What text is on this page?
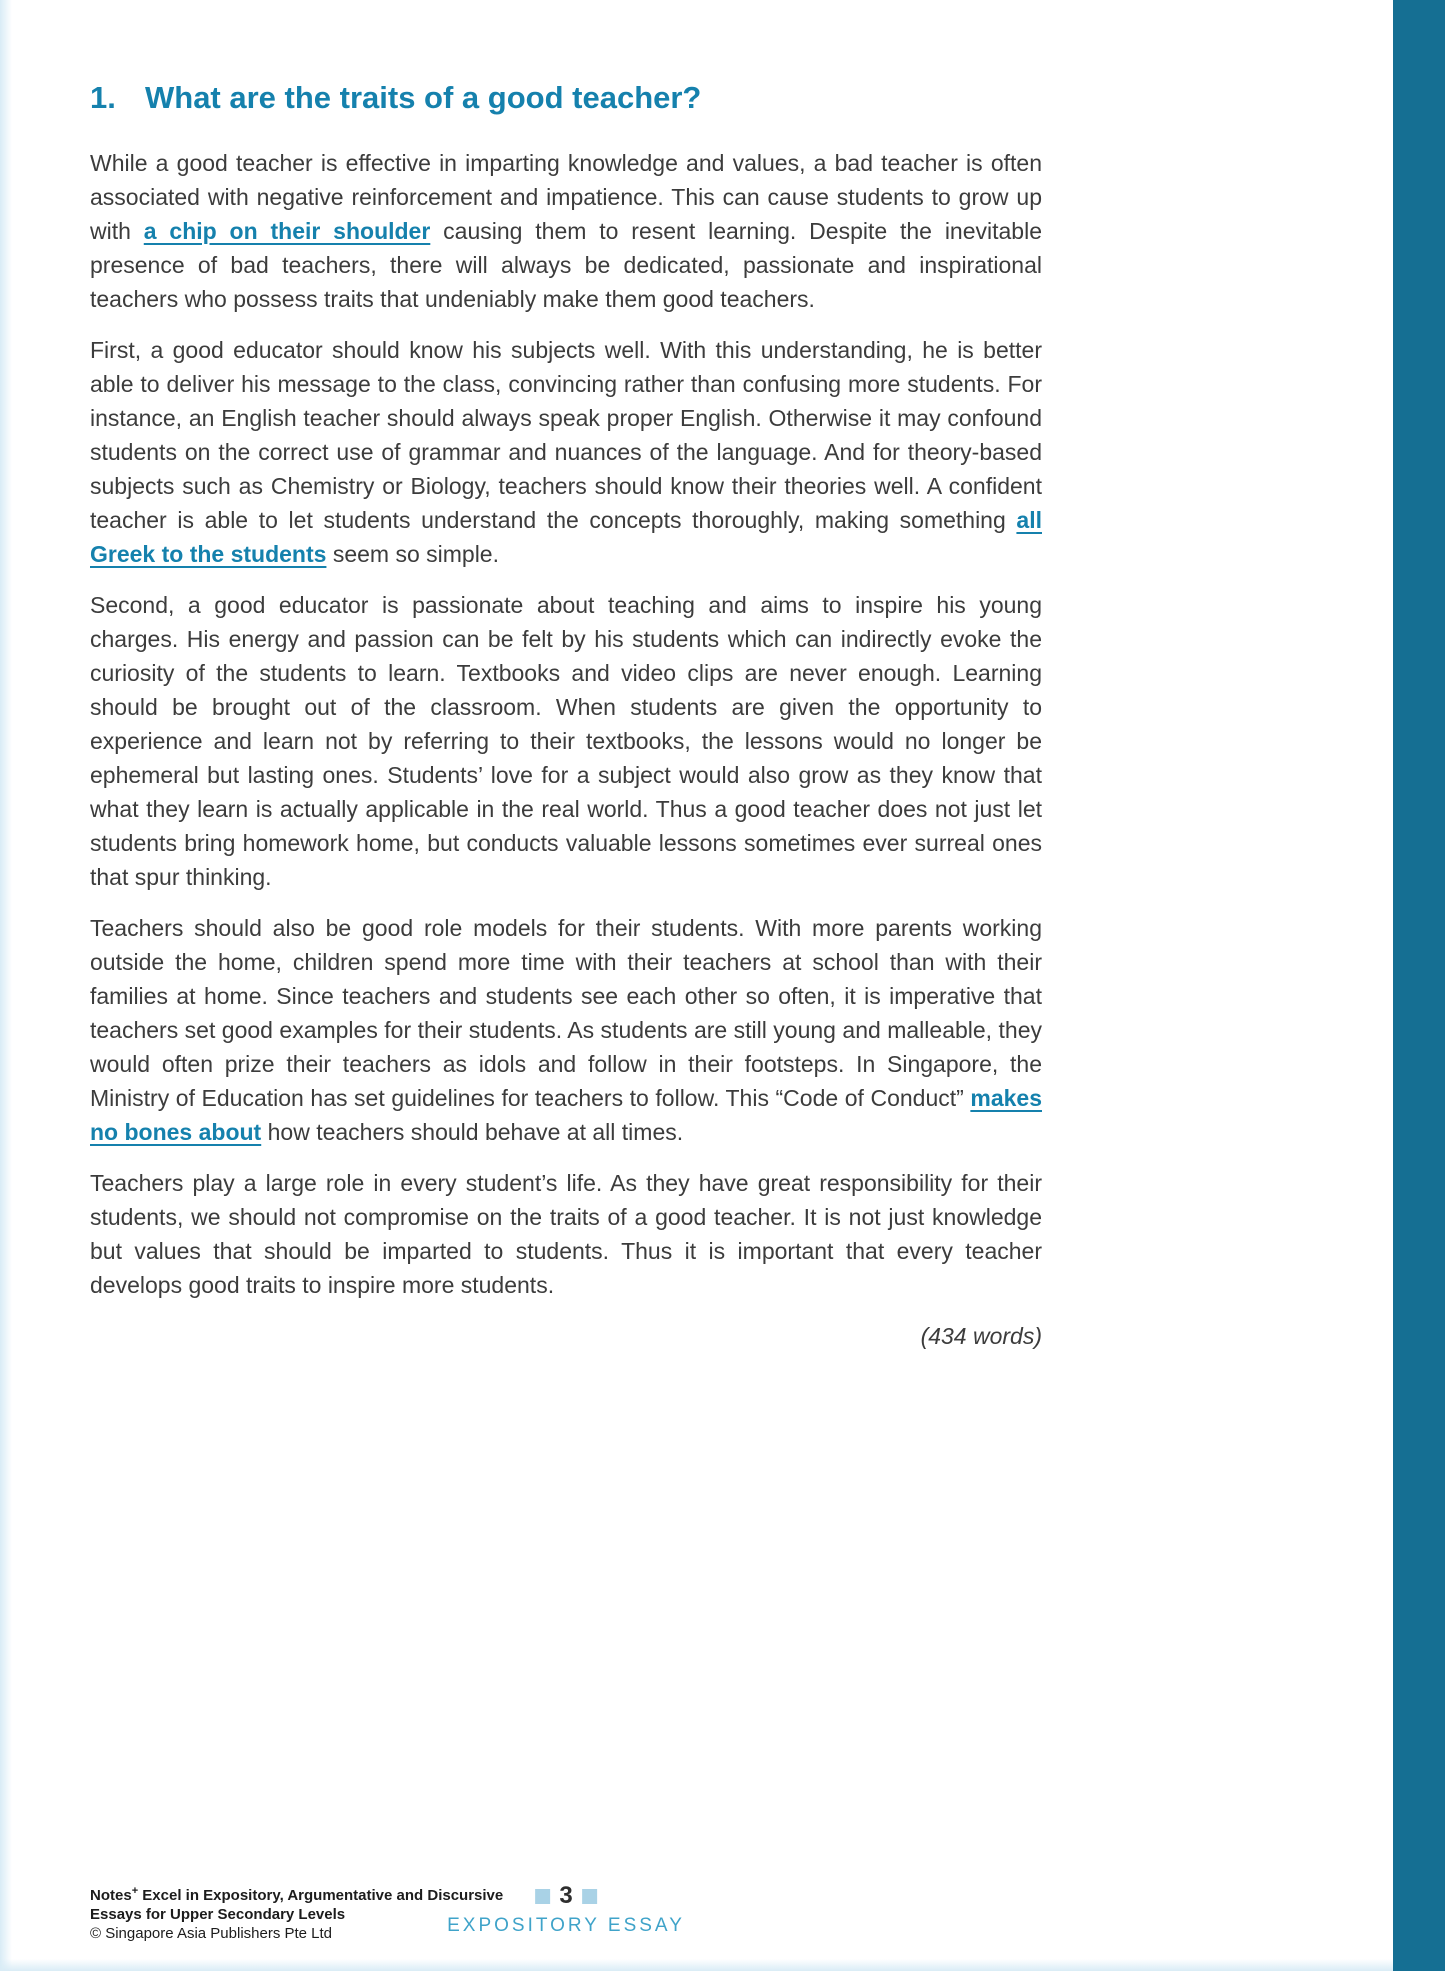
1. What are the traits of a good teacher?

While a good teacher is effective in imparting knowledge and values, a bad teacher is often associated with negative reinforcement and impatience. This can cause students to grow up with a chip on their shoulder causing them to resent learning. Despite the inevitable presence of bad teachers, there will always be dedicated, passionate and inspirational teachers who possess traits that undeniably make them good teachers.

First, a good educator should know his subjects well. With this understanding, he is better able to deliver his message to the class, convincing rather than confusing more students. For instance, an English teacher should always speak proper English. Otherwise it may confound students on the correct use of grammar and nuances of the language. And for theory-based subjects such as Chemistry or Biology, teachers should know their theories well. A confident teacher is able to let students understand the concepts thoroughly, making something all Greek to the students seem so simple.

Second, a good educator is passionate about teaching and aims to inspire his young charges. His energy and passion can be felt by his students which can indirectly evoke the curiosity of the students to learn. Textbooks and video clips are never enough. Learning should be brought out of the classroom. When students are given the opportunity to experience and learn not by referring to their textbooks, the lessons would no longer be ephemeral but lasting ones. Students’ love for a subject would also grow as they know that what they learn is actually applicable in the real world. Thus a good teacher does not just let students bring homework home, but conducts valuable lessons sometimes ever surreal ones that spur thinking.

Teachers should also be good role models for their students. With more parents working outside the home, children spend more time with their teachers at school than with their families at home. Since teachers and students see each other so often, it is imperative that teachers set good examples for their students. As students are still young and malleable, they would often prize their teachers as idols and follow in their footsteps. In Singapore, the Ministry of Education has set guidelines for teachers to follow. This “Code of Conduct” makes no bones about how teachers should behave at all times.

Teachers play a large role in every student’s life. As they have great responsibility for their students, we should not compromise on the traits of a good teacher. It is not just knowledge but values that should be imparted to students. Thus it is important that every teacher develops good traits to inspire more students.

(434 words)
Notes+ Excel in Expository, Argumentative and Discursive
Essays for Upper Secondary Levels
© Singapore Asia Publishers Pte Ltd
3
EXPOSITORY ESSAY
